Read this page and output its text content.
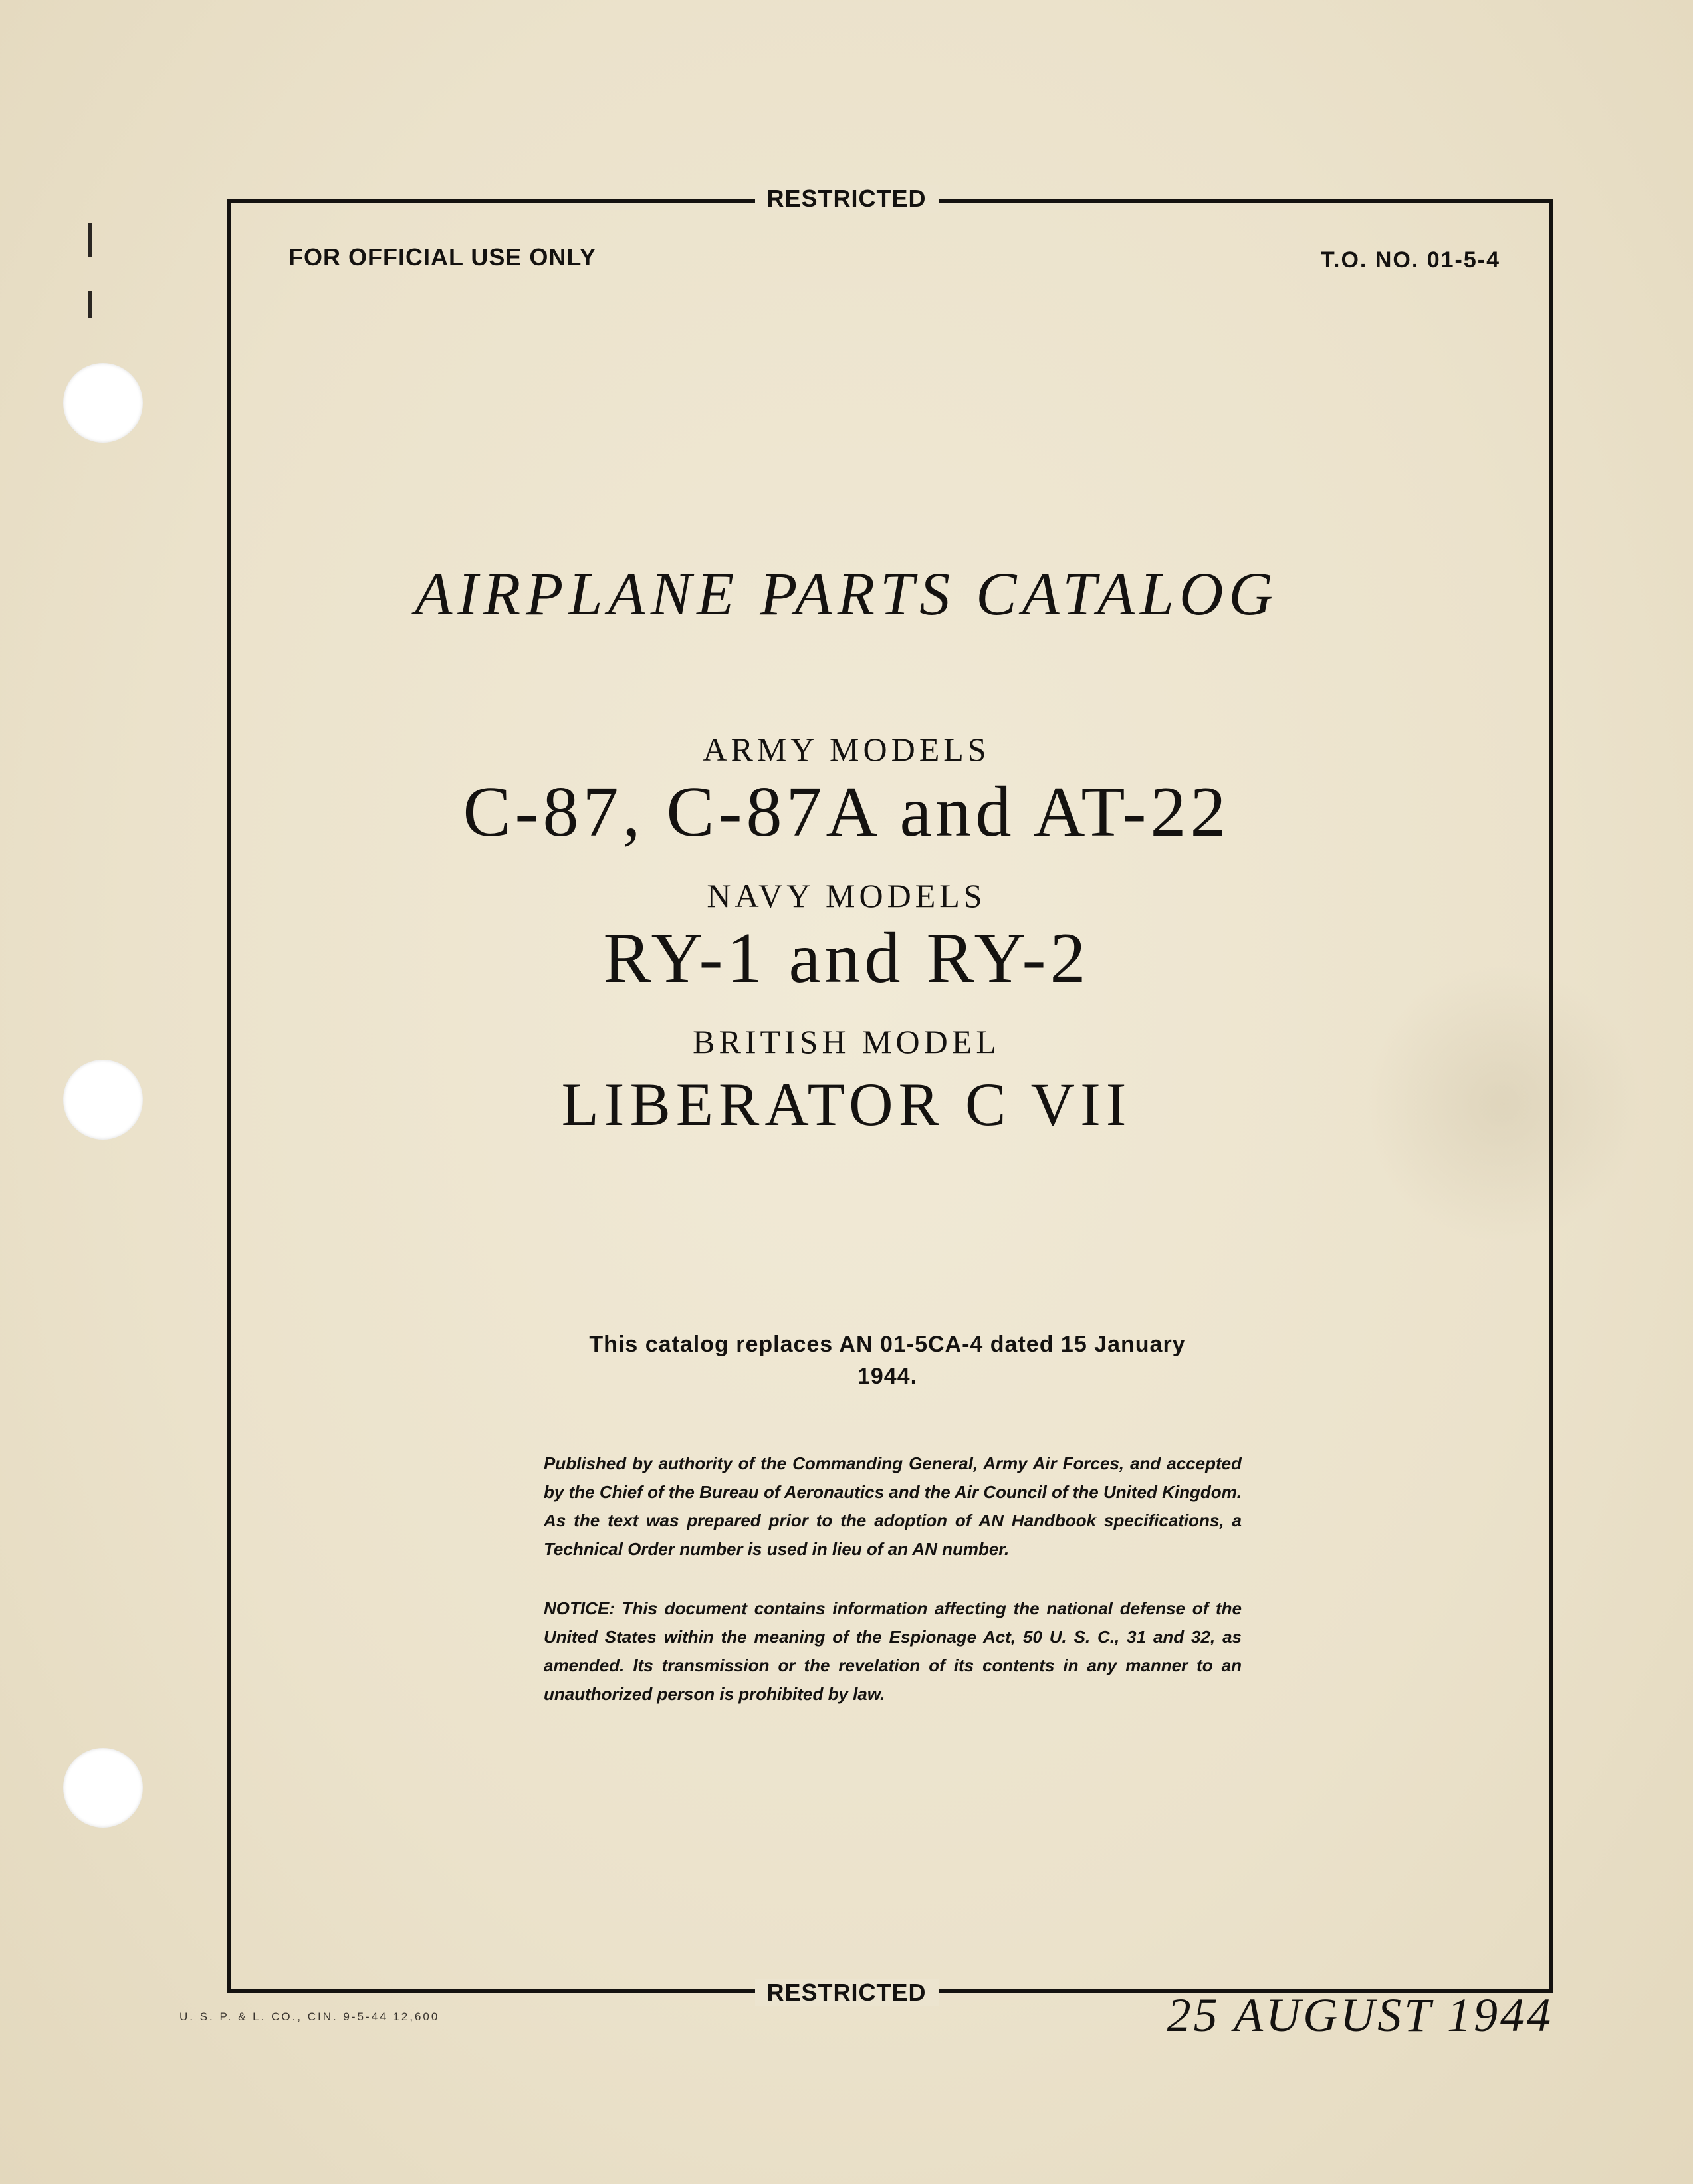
RESTRICTED
RESTRICTED
FOR OFFICIAL USE ONLY	T.O. NO. 01-5-4
AIRPLANE PARTS CATALOG
ARMY MODELS
C-87, C-87A and AT-22
NAVY MODELS
RY-1 and RY-2
BRITISH MODEL
LIBERATOR C VII
This catalog replaces AN 01-5CA-4 dated 15 January
1944.
Published by authority of the Commanding General, Army Air Forces, and accepted by the Chief of the Bureau of Aeronautics and the Air Council of the United Kingdom. As the text was prepared prior to the adoption of AN Handbook specifications, a Technical Order number is used in lieu of an AN number.
NOTICE: This document contains information affecting the national defense of the United States within the meaning of the Espionage Act, 50 U. S. C., 31 and 32, as amended. Its transmission or the revelation of its contents in any manner to an unauthorized person is prohibited by law.
U. S. P. & L. CO., CIN. 9-5-44 12,600	25 AUGUST 1944
